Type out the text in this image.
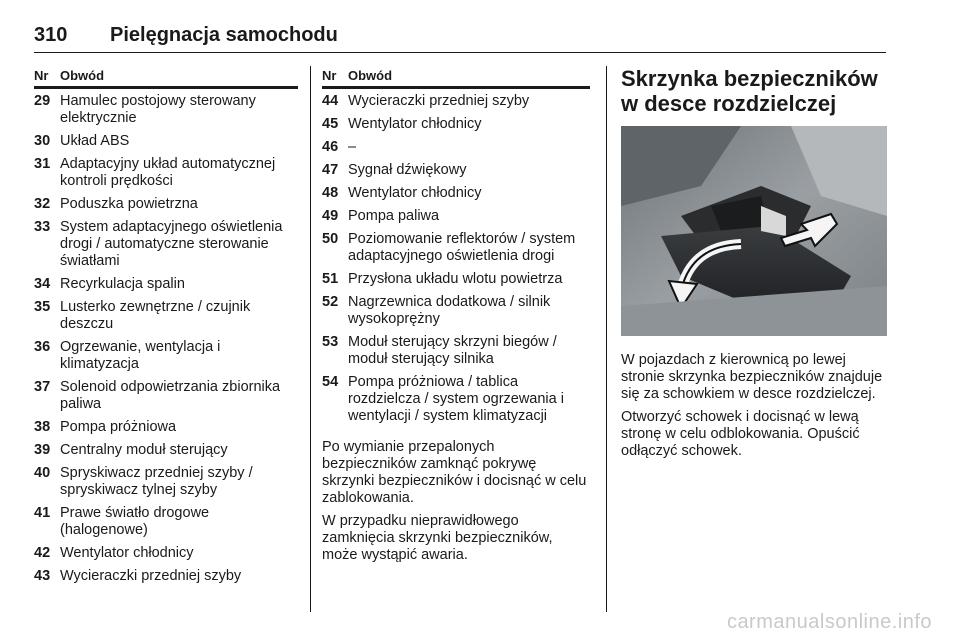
310 Pielęgnacja samochodu
Nr Obwód
29 Hamulec postojowy sterowany elektrycznie
30 Układ ABS
31 Adaptacyjny układ automatycznej kontroli prędkości
32 Poduszka powietrzna
33 System adaptacyjnego oświetlenia drogi / automatyczne sterowanie światłami
34 Recyrkulacja spalin
35 Lusterko zewnętrzne / czujnik deszczu
36 Ogrzewanie, wentylacja i klimatyzacja
37 Solenoid odpowietrzania zbiornika paliwa
38 Pompa próżniowa
39 Centralny moduł sterujący
40 Spryskiwacz przedniej szyby / spryskiwacz tylnej szyby
41 Prawe światło drogowe (halogenowe)
42 Wentylator chłodnicy
43 Wycieraczki przedniej szyby
Nr Obwód
44 Wycieraczki przedniej szyby
45 Wentylator chłodnicy
46 –
47 Sygnał dźwiękowy
48 Wentylator chłodnicy
49 Pompa paliwa
50 Poziomowanie reflektorów / system adaptacyjnego oświetlenia drogi
51 Przysłona układu wlotu powietrza
52 Nagrzewnica dodatkowa / silnik wysokoprężny
53 Moduł sterujący skrzyni biegów / moduł sterujący silnika
54 Pompa próżniowa / tablica rozdzielcza / system ogrzewania i wentylacji / system klimatyzacji

Po wymianie przepalonych bezpieczników zamknąć pokrywę skrzynki bezpieczników i docisnąć w celu zablokowania.

W przypadku nieprawidłowego zamknięcia skrzynki bezpieczników, może wystąpić awaria.

Skrzynka bezpieczników w desce rozdzielczej

W pojazdach z kierownicą po lewej stronie skrzynka bezpieczników znajduje się za schowkiem w desce rozdzielczej.

Otworzyć schowek i docisnąć w lewą stronę w celu odblokowania. Opuścić odłączyć schowek.

carmanualsonline.info
